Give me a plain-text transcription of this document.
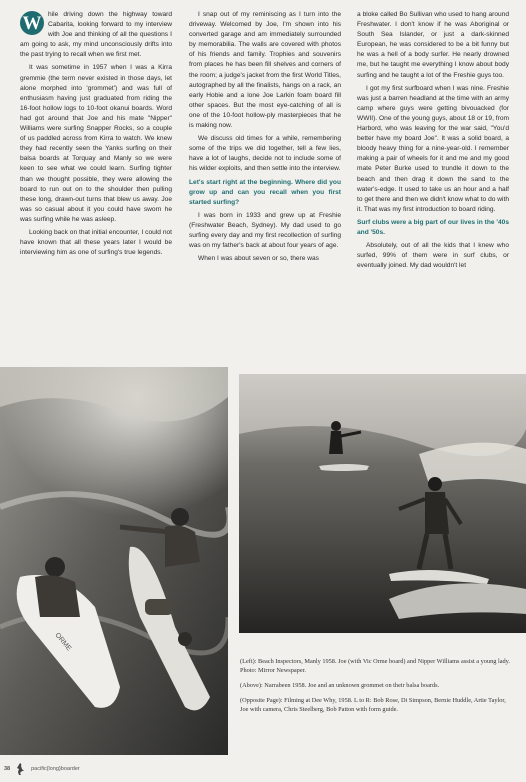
W hile driving down the highway toward Cabarita, looking forward to my interview with Joe and thinking of all the questions I am going to ask, my mind unconsciously drifts into the past trying to recall when we first met.

It was sometime in 1957 when I was a Kirra gremmie (the term never existed in those days, let alone morphed into 'grommet') and was full of enthusiasm having just graduated from riding the 16-foot hollow logs to 10-foot okanui boards. Word had got around that Joe and his mate "Nipper" Williams were surfing Snapper Rocks, so a couple of us paddled across from Kirra to watch. We knew they had recently seen the Yanks surfing on their balsa boards at Torquay and Manly so we were keen to see what we could learn. Surfing tighter than we thought possible, they were allowing the board to run out on to the shoulder then pulling these long, drawn-out turns that blew us away. Joe was so casual about it you could have sworn he was surfing while he was asleep.

Looking back on that initial encounter, I could not have known that all these years later I would be interviewing him as one of surfing's true legends.

I snap out of my reminiscing as I turn into the driveway. Welcomed by Joe, I'm shown into his converted garage and am immediately surrounded by memorabilia. The walls are covered with photos of his friends and family. Trophies and souvenirs from places he has been fill shelves and corners of the room; a judge's jacket from the first World Titles, autographed by all the finalists, hangs on a rack, an early Hobie and a lone Joe Larkin foam board fill other spaces. But the most eye-catching of all is one of the 10-foot hollow-ply masterpieces that he is making now.

We discuss old times for a while, remembering some of the trips we did together, tell a few lies, have a lot of laughs, decide not to include some of his wilder exploits, and then settle into the interview.

Let's start right at the beginning. Where did you grow up and can you recall when you first started surfing?

I was born in 1933 and grew up at Freshie (Freshwater Beach, Sydney). My dad used to go surfing every day and my first recollection of surfing was on my father's back at about four years of age.

When I was about seven or so, there was

a bloke called Bo Sullivan who used to hang around Freshwater. I don't know if he was Aboriginal or South Sea Islander, or just a dark-skinned European, he was considered to be a bit funny but he was a hell of a body surfer. He nearly drowned me, but he taught me everything I know about body surfing and he taught a lot of the Freshie guys too.

I got my first surfboard when I was nine. Freshie was just a barren headland at the time with an army camp where guys were getting bivouacked (for WWII). One of the young guys, about 18 or 19, from Harbord, who was leaving for the war said, "You'd better have my board Joe". It was a solid board, a bloody heavy thing for a nine-year-old. I remember making a pair of wheels for it and me and my good mate Peter Burke used to trundle it down to the beach and then drag it down the sand to the water's-edge. It used to take us an hour and a half to get there and then we didn't know what to do with it. That was my first introduction to board riding.

Surf clubs were a big part of our lives in the '40s and '50s.

Absolutely, out of all the kids that I knew who surfed, 99% of them were in surf clubs, or eventually joined. My dad wouldn't let

ORME

(Left): Beach Inspectors, Manly 1958. Joe (with Vic Orme board) and Nipper Williams assist a young lady. Photo: Mirror Newspaper.

(Above): Narrabeen 1958. Joe and an unknown grommet on their balsa boards.

(Opposite Page): Filming at Dee Why, 1958. L to R: Bob Rose, Di Simpson, Bernie Huddle, Artie Taylor, Joe with camera, Chris Steelberg, Bob Patton with form guide.

38	pacific{long}boarder
